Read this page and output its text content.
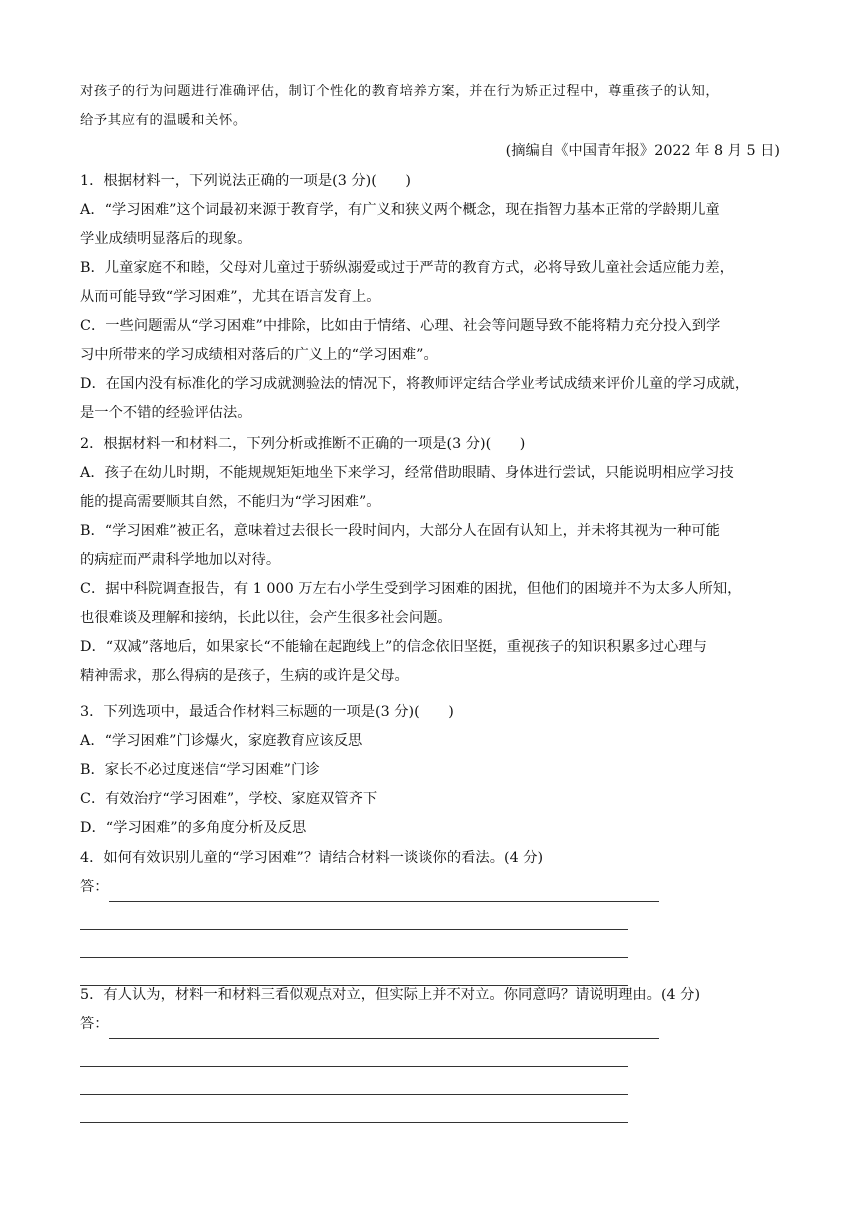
对孩子的行为问题进行准确评估，制订个性化的教育培养方案，并在行为矫正过程中，尊重孩子的认知，
给予其应有的温暖和关怀。
(摘编自《中国青年报》2022 年 8 月 5 日)
1．根据材料一，下列说法正确的一项是(3 分)(　　)
A．“学习困难”这个词最初来源于教育学，有广义和狭义两个概念，现在指智力基本正常的学龄期儿童
学业成绩明显落后的现象。
B．儿童家庭不和睦，父母对儿童过于骄纵溺爱或过于严苛的教育方式，必将导致儿童社会适应能力差，
从而可能导致“学习困难”，尤其在语言发育上。
C．一些问题需从“学习困难”中排除，比如由于情绪、心理、社会等问题导致不能将精力充分投入到学
习中所带来的学习成绩相对落后的广义上的“学习困难”。
D．在国内没有标准化的学习成就测验法的情况下，将教师评定结合学业考试成绩来评价儿童的学习成就，
是一个不错的经验评估法。
2．根据材料一和材料二，下列分析或推断不正确的一项是(3 分)(　　)
A．孩子在幼儿时期，不能规规矩矩地坐下来学习，经常借助眼睛、身体进行尝试，只能说明相应学习技
能的提高需要顺其自然，不能归为“学习困难”。
B．“学习困难”被正名，意味着过去很长一段时间内，大部分人在固有认知上，并未将其视为一种可能
的病症而严肃科学地加以对待。
C．据中科院调查报告，有 1 000 万左右小学生受到学习困难的困扰，但他们的困境并不为太多人所知，
也很难谈及理解和接纳，长此以往，会产生很多社会问题。
D．“双减”落地后，如果家长“不能输在起跑线上”的信念依旧坚挺，重视孩子的知识积累多过心理与
精神需求，那么得病的是孩子，生病的或许是父母。
3．下列选项中，最适合作材料三标题的一项是(3 分)(　　)
A．“学习困难”门诊爆火，家庭教育应该反思
B．家长不必过度迷信“学习困难”门诊
C．有效治疗“学习困难”，学校、家庭双管齐下
D．“学习困难”的多角度分析及反思
4．如何有效识别儿童的“学习困难”？请结合材料一谈谈你的看法。(4 分)
答：
5．有人认为，材料一和材料三看似观点对立，但实际上并不对立。你同意吗？请说明理由。(4 分)
答：
